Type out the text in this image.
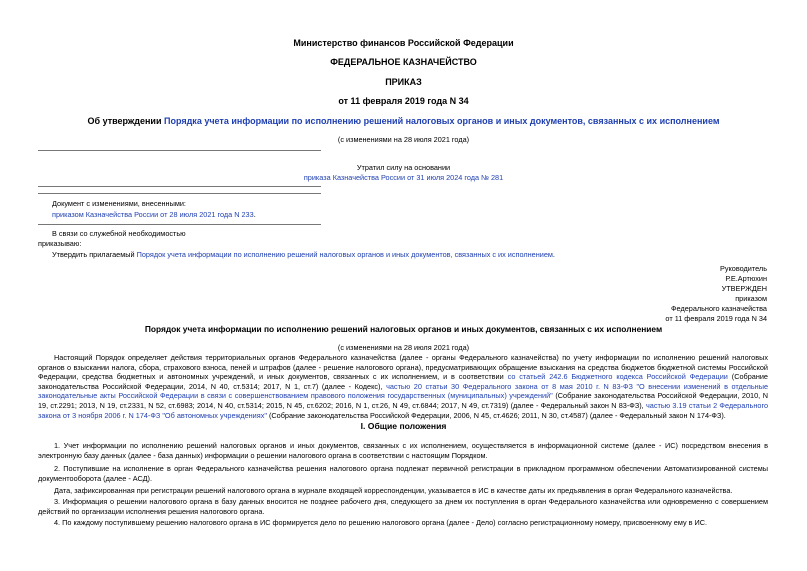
Министерство финансов Российской Федерации
ФЕДЕРАЛЬНОЕ КАЗНАЧЕЙСТВО
ПРИКАЗ
от 11 февраля 2019 года N 34
Об утверждении Порядка учета информации по исполнению решений налоговых органов и иных документов, связанных с их исполнением
(с изменениями на 28 июля 2021 года)
Утратил силу на основании
приказа Казначейства России от 31 июля 2024 года № 281
Документ с изменениями, внесенными:
приказом Казначейства России от 28 июля 2021 года N 233.
В связи со служебной необходимостью
приказываю:
Утвердить прилагаемый Порядок учета информации по исполнению решений налоговых органов и иных документов, связанных с их исполнением.
Руководитель
Р.Е.Артюхин
УТВЕРЖДЕН
приказом
Федерального казначейства
от 11 февраля 2019 года N 34
Порядок учета информации по исполнению решений налоговых органов и иных документов, связанных с их исполнением
(с изменениями на 28 июля 2021 года)
Настоящий Порядок определяет действия территориальных органов Федерального казначейства (далее - органы Федерального казначейства) по учету информации по исполнению решений налоговых органов о взыскании налога, сбора, страхового взноса, пеней и штрафов (далее - решение налогового органа), предусматривающих обращение взыскания на средства бюджетов бюджетной системы Российской Федерации, средства бюджетных и автономных учреждений, и иных документов, связанных с их исполнением, и в соответствии со статьей 242.6 Бюджетного кодекса Российской Федерации (Собрание законодательства Российской Федерации, 2014, N 40, ст.5314; 2017, N 1, ст.7) (далее - Кодекс), частью 20 статьи 30 Федерального закона от 8 мая 2010 г. N 83-ФЗ "О внесении изменений в отдельные законодательные акты Российской Федерации в связи с совершенствованием правового положения государственных (муниципальных) учреждений" (Собрание законодательства Российской Федерации, 2010, N 19, ст.2291; 2013, N 19, ст.2331, N 52, ст.6983; 2014, N 40, ст.5314; 2015, N 45, ст.6202; 2016, N 1, ст.26, N 49, ст.6844; 2017, N 49, ст.7319) (далее - Федеральный закон N 83-ФЗ), частью 3.19 статьи 2 Федерального закона от 3 ноября 2006 г. N 174-ФЗ "Об автономных учреждениях" (Собрание законодательства Российской Федерации, 2006, N 45, ст.4626; 2011, N 30, ст.4587) (далее - Федеральный закон N 174-ФЗ).
I. Общие положения
1. Учет информации по исполнению решений налоговых органов и иных документов, связанных с их исполнением, осуществляется в информационной системе (далее - ИС) посредством внесения в электронную базу данных (далее - база данных) информации о решении налогового органа в соответствии с настоящим Порядком.
2. Поступившие на исполнение в орган Федерального казначейства решения налогового органа подлежат первичной регистрации в прикладном программном обеспечении Автоматизированной системы документооборота (далее - АСД).
Дата, зафиксированная при регистрации решений налогового органа в журнале входящей корреспонденции, указывается в ИС в качестве даты их предъявления в орган Федерального казначейства.
3. Информация о решении налогового органа в базу данных вносится не позднее рабочего дня, следующего за днем их поступления в орган Федерального казначейства или одновременно с совершением действий по организации исполнения решения налогового органа.
4. По каждому поступившему решению налогового органа в ИС формируется дело по решению налогового органа (далее - Дело) согласно регистрационному номеру, присвоенному ему в ИС.
